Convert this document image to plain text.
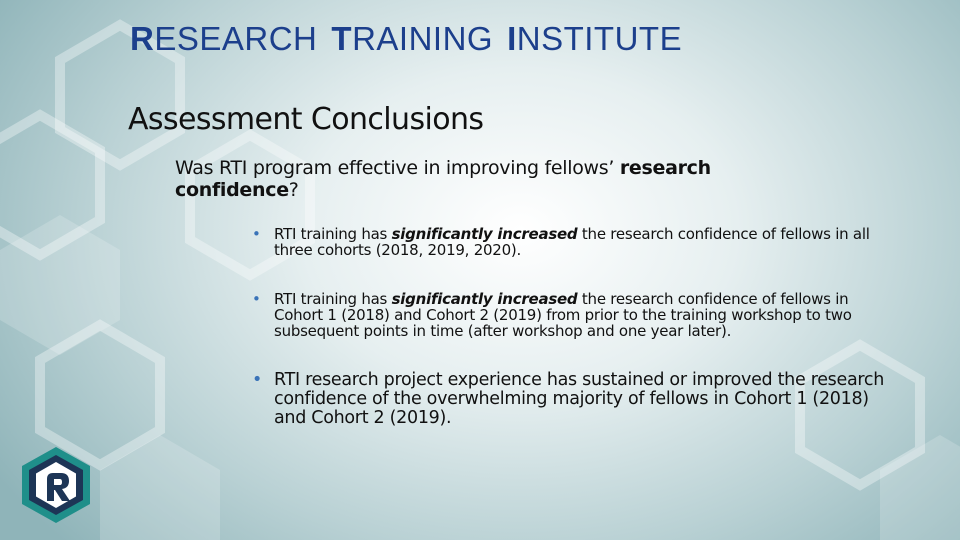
RESEARCH TRAINING INSTITUTE
Assessment Conclusions
Was RTI program effective in improving fellows’ research confidence?
• RTI training has significantly increased the research confidence of fellows in all three cohorts (2018, 2019, 2020).
• RTI training has significantly increased the research confidence of fellows in Cohort 1 (2018) and Cohort 2 (2019) from prior to the training workshop to two subsequent points in time (after workshop and one year later).
• RTI research project experience has sustained or improved the research confidence of the overwhelming majority of fellows in Cohort 1 (2018) and Cohort 2 (2019).
